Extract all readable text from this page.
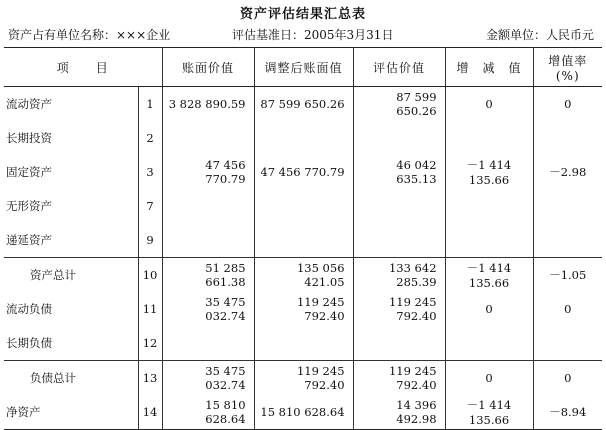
资产评估结果汇总表
资产占有单位名称：×××企业	评估基准日：2005年3月31日	金额单位：人民币元
项　　目		账面价值	调整后账面值	评估价值	增　减　值	增值率(%)
流动资产	1	3 828 890.59	87 599 650.26	87 599 650.26	0	0
长期投资	2					
固定资产	3	47 456 770.79	47 456 770.79	46 042 635.13	－1 414 135.66	－2.98
无形资产	7					
递延资产	9					
资产总计	10	51 285 661.38	135 056 421.05	133 642 285.39	－1 414 135.66	－1.05
流动负债	11	35 475 032.74	119 245 792.40	119 245 792.40	0	0
长期负债	12					
负债总计	13	35 475 032.74	119 245 792.40	119 245 792.40	0	0
净资产	14	15 810 628.64	15 810 628.64	14 396 492.98	－1 414 135.66	－8.94
